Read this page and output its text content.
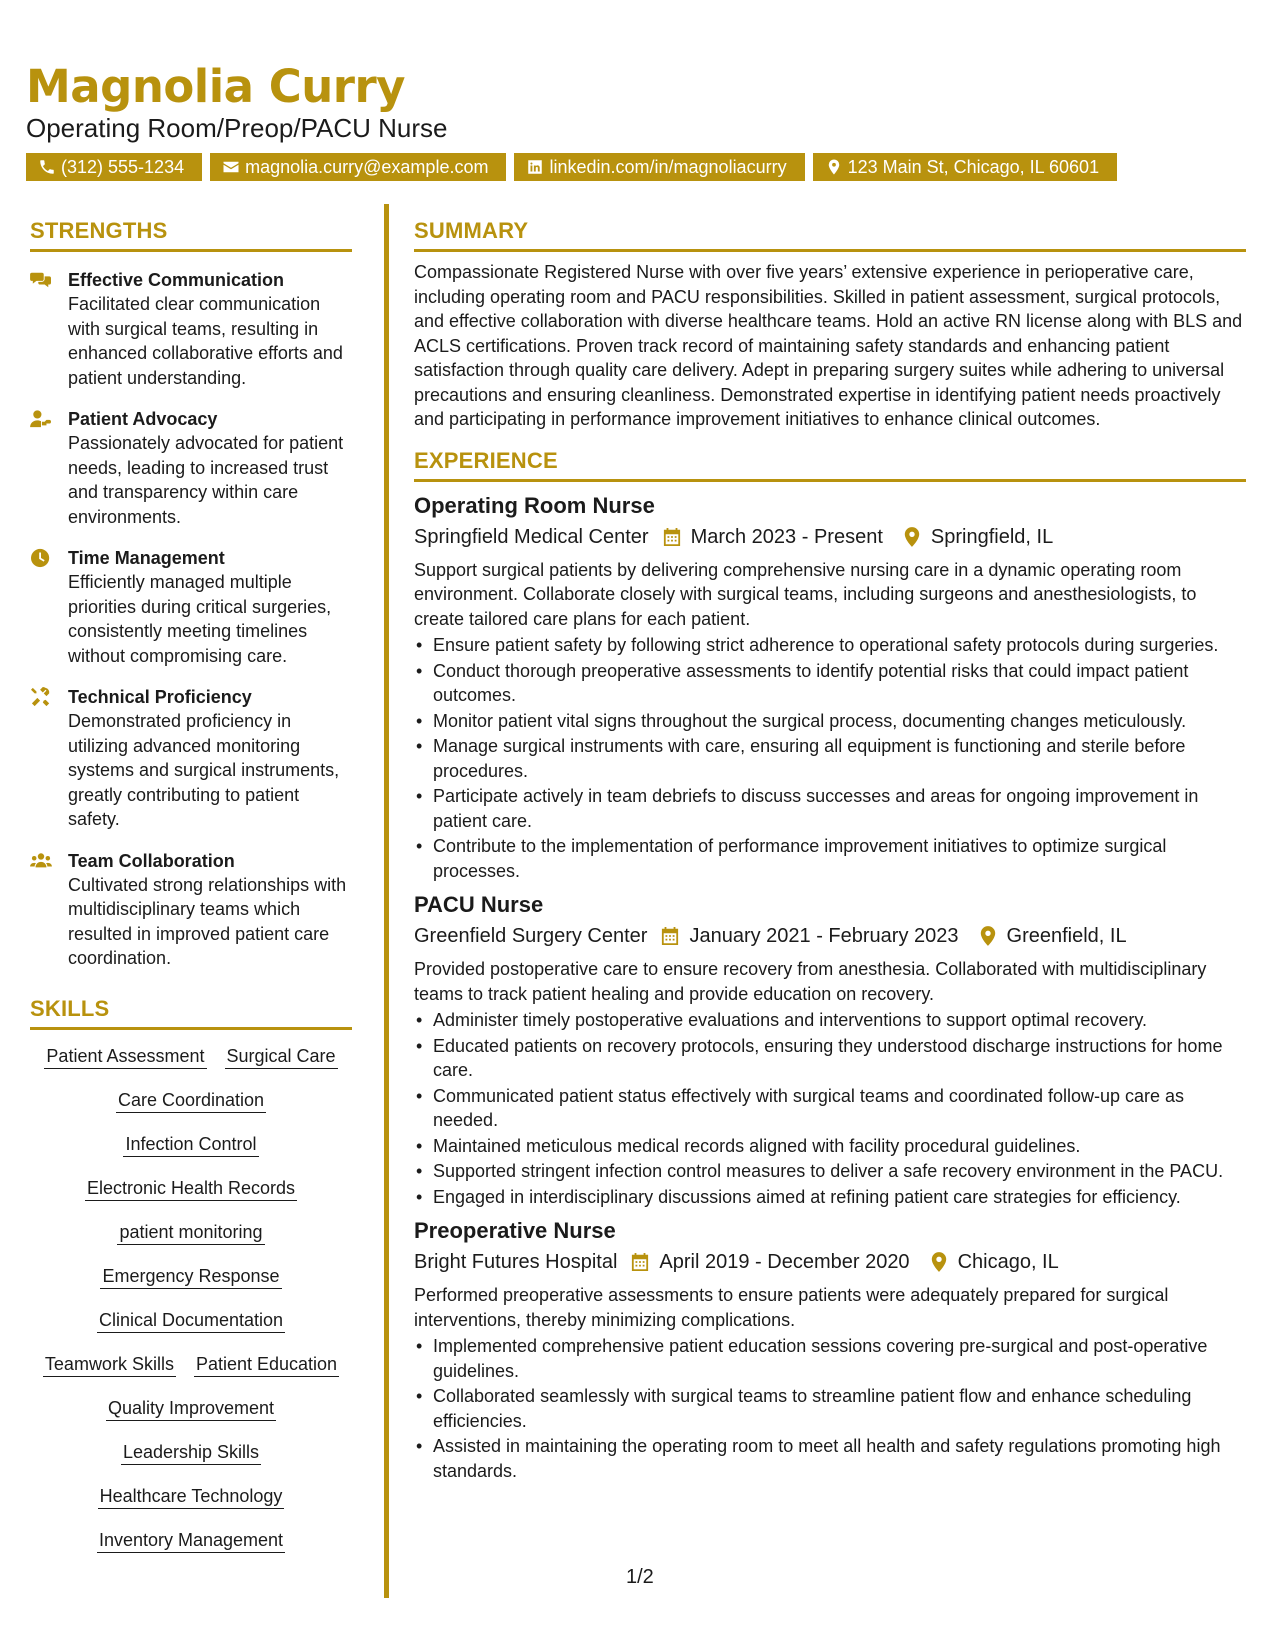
Magnolia Curry
Operating Room/Preop/PACU Nurse
(312) 555-1234	magnolia.curry@example.com	linkedin.com/in/magnoliacurry	123 Main St, Chicago, IL 60601
STRENGTHS
Effective Communication
Facilitated clear communication with surgical teams, resulting in enhanced collaborative efforts and patient understanding.
Patient Advocacy
Passionately advocated for patient needs, leading to increased trust and transparency within care environments.
Time Management
Efficiently managed multiple priorities during critical surgeries, consistently meeting timelines without compromising care.
Technical Proficiency
Demonstrated proficiency in utilizing advanced monitoring systems and surgical instruments, greatly contributing to patient safety.
Team Collaboration
Cultivated strong relationships with multidisciplinary teams which resulted in improved patient care coordination.
SKILLS
Patient Assessment Surgical Care
Care Coordination
Infection Control
Electronic Health Records
patient monitoring
Emergency Response
Clinical Documentation
Teamwork Skills Patient Education
Quality Improvement
Leadership Skills
Healthcare Technology
Inventory Management
SUMMARY
Compassionate Registered Nurse with over five years’ extensive experience in perioperative care, including operating room and PACU responsibilities. Skilled in patient assessment, surgical protocols, and effective collaboration with diverse healthcare teams. Hold an active RN license along with BLS and ACLS certifications. Proven track record of maintaining safety standards and enhancing patient satisfaction through quality care delivery. Adept in preparing surgery suites while adhering to universal precautions and ensuring cleanliness. Demonstrated expertise in identifying patient needs proactively and participating in performance improvement initiatives to enhance clinical outcomes.
EXPERIENCE
Operating Room Nurse
Springfield Medical Center March 2023 - Present Springfield, IL
Support surgical patients by delivering comprehensive nursing care in a dynamic operating room environment. Collaborate closely with surgical teams, including surgeons and anesthesiologists, to create tailored care plans for each patient.
• Ensure patient safety by following strict adherence to operational safety protocols during surgeries.
• Conduct thorough preoperative assessments to identify potential risks that could impact patient outcomes.
• Monitor patient vital signs throughout the surgical process, documenting changes meticulously.
• Manage surgical instruments with care, ensuring all equipment is functioning and sterile before procedures.
• Participate actively in team debriefs to discuss successes and areas for ongoing improvement in patient care.
• Contribute to the implementation of performance improvement initiatives to optimize surgical processes.
PACU Nurse
Greenfield Surgery Center January 2021 - February 2023 Greenfield, IL
Provided postoperative care to ensure recovery from anesthesia. Collaborated with multidisciplinary teams to track patient healing and provide education on recovery.
• Administer timely postoperative evaluations and interventions to support optimal recovery.
• Educated patients on recovery protocols, ensuring they understood discharge instructions for home care.
• Communicated patient status effectively with surgical teams and coordinated follow-up care as needed.
• Maintained meticulous medical records aligned with facility procedural guidelines.
• Supported stringent infection control measures to deliver a safe recovery environment in the PACU.
• Engaged in interdisciplinary discussions aimed at refining patient care strategies for efficiency.
Preoperative Nurse
Bright Futures Hospital April 2019 - December 2020 Chicago, IL
Performed preoperative assessments to ensure patients were adequately prepared for surgical interventions, thereby minimizing complications.
• Implemented comprehensive patient education sessions covering pre-surgical and post-operative guidelines.
• Collaborated seamlessly with surgical teams to streamline patient flow and enhance scheduling efficiencies.
• Assisted in maintaining the operating room to meet all health and safety regulations promoting high standards.
1/2
